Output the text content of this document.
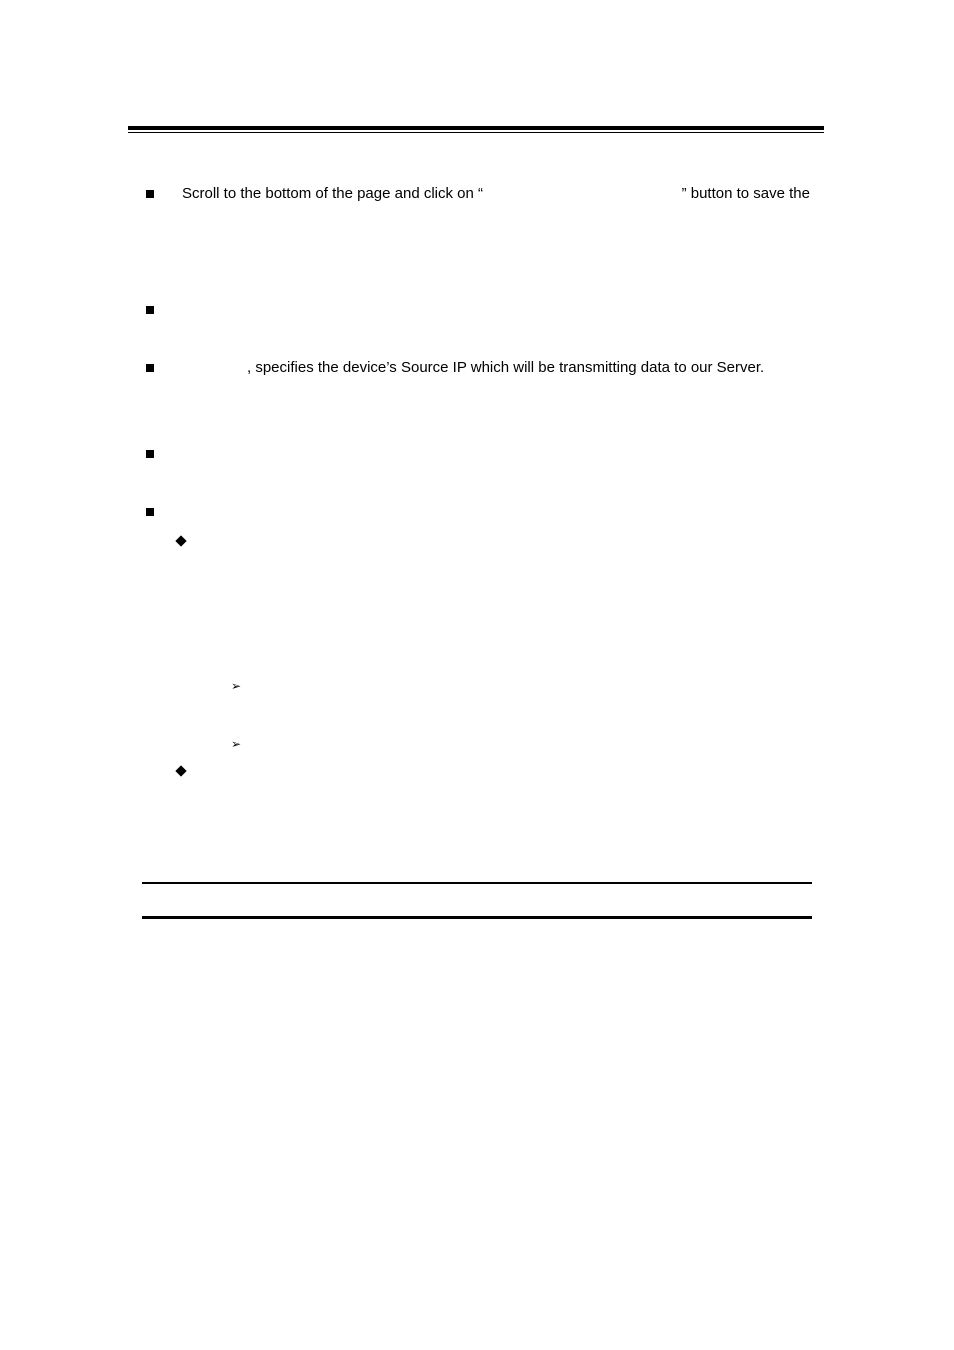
Scroll to the bottom of the page and click on “	” button to save the
, specifies the device’s Source IP which will be transmitting data to our Server.
➢
➢
